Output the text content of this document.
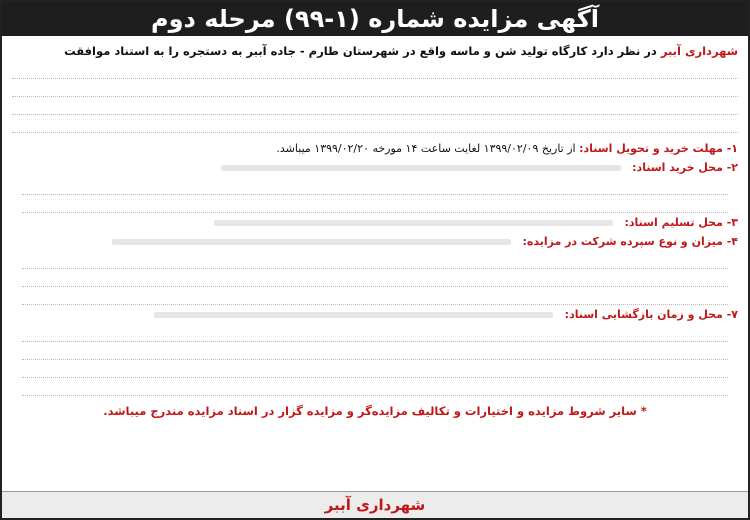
آگهی مزایده شماره (۱-۹۹) مرحله دوم
شهرداری آببر در نظر دارد کارگاه تولید شن و ماسه واقع در شهرستان طارم - جاده آببر به دستجره را به استناد موافقت
۱- مهلت خرید و تحویل اسناد: از تاریخ ۱۳۹۹/۰۲/۰۹ لغایت ساعت ۱۴ مورخه ۱۳۹۹/۰۲/۲۰ میباشد.
۲- محل خرید اسناد:
۳- محل تسلیم اسناد:
۴- میزان و نوع سپرده شرکت در مزایده:
۷- محل و زمان بازگشایی اسناد:
* سایر شروط مزایده و اختیارات و تکالیف مزایده‌گر و مزایده گزار در اسناد مزایده مندرج میباشد.
شهرداری آببر
